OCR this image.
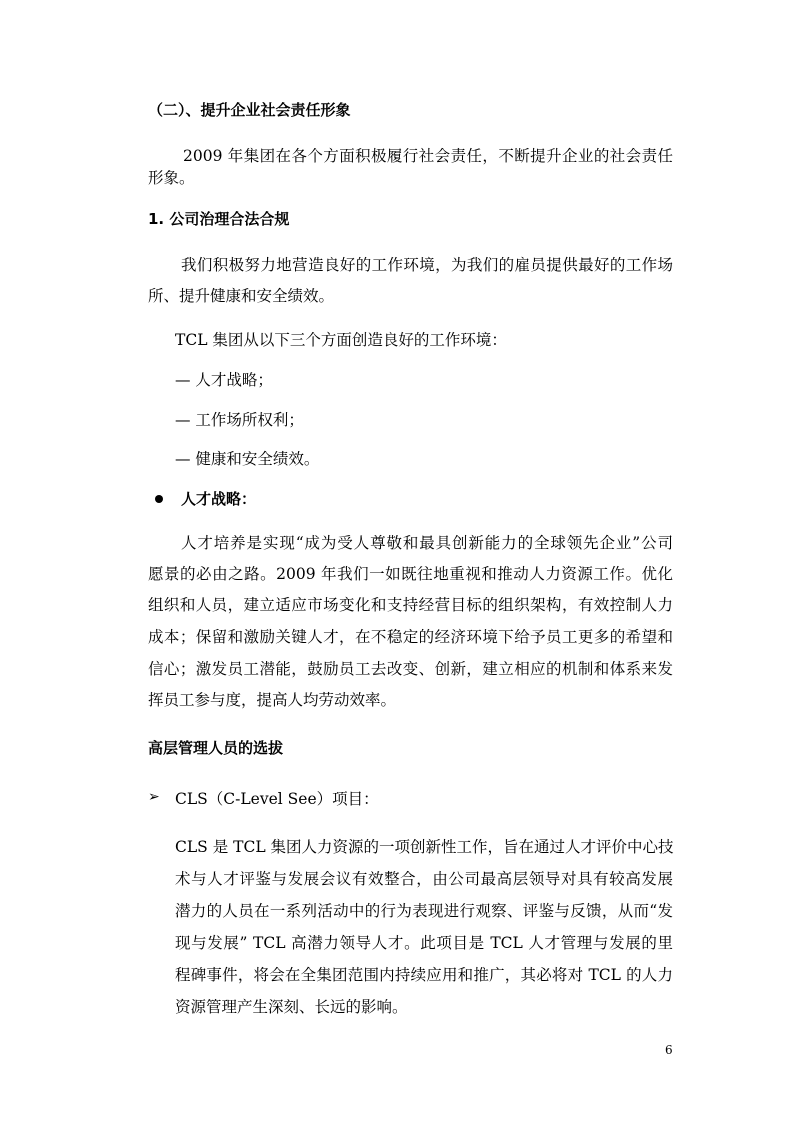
（二）、提升企业社会责任形象
2009 年集团在各个方面积极履行社会责任，不断提升企业的社会责任
形象。
1. 公司治理合法合规
我们积极努力地营造良好的工作环境，为我们的雇员提供最好的工作场
所、提升健康和安全绩效。
TCL 集团从以下三个方面创造良好的工作环境：
— 人才战略；
— 工作场所权利；
— 健康和安全绩效。
人才战略：
人才培养是实现“成为受人尊敬和最具创新能力的全球领先企业”公司
愿景的必由之路。2009 年我们一如既往地重视和推动人力资源工作。优化
组织和人员，建立适应市场变化和支持经营目标的组织架构，有效控制人力
成本；保留和激励关键人才，在不稳定的经济环境下给予员工更多的希望和
信心；激发员工潜能，鼓励员工去改变、创新，建立相应的机制和体系来发
挥员工参与度，提高人均劳动效率。
高层管理人员的选拔
➢ CLS（C-Level See）项目：
CLS 是 TCL 集团人力资源的一项创新性工作，旨在通过人才评价中心技
术与人才评鉴与发展会议有效整合，由公司最高层领导对具有较高发展
潜力的人员在一系列活动中的行为表现进行观察、评鉴与反馈，从而“发
现与发展” TCL 高潜力领导人才。此项目是 TCL 人才管理与发展的里
程碑事件，将会在全集团范围内持续应用和推广，其必将对 TCL 的人力
资源管理产生深刻、长远的影响。
6
